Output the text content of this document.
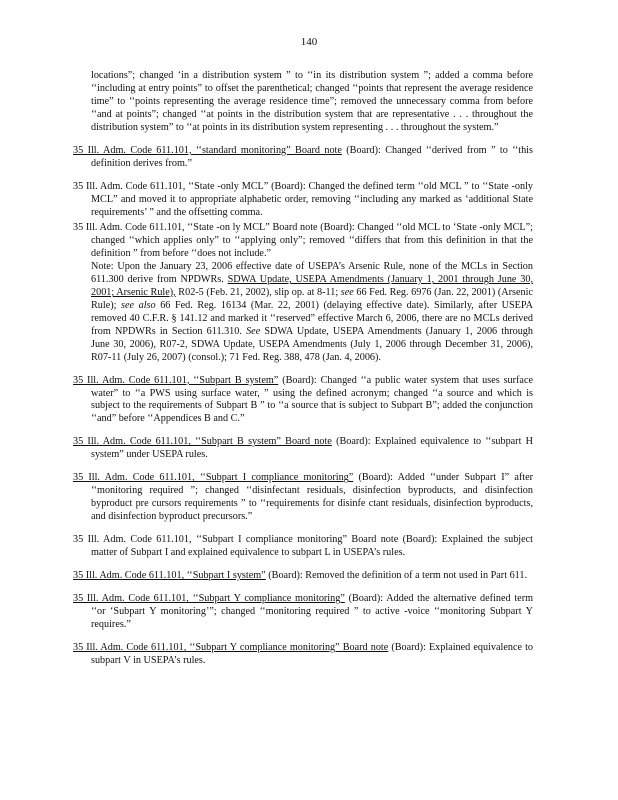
140

locations”; changed ‘in a distribution system ” to ‘‘in its distribution system ”; added a comma before ‘‘including at entry points” to offset the parenthetical; changed ‘‘points that represent the average residence time” to ‘‘points representing the average residence time”; removed the unnecessary comma from before ‘‘and at points”; changed ‘‘at points in the distribution system that are representative . . . throughout the distribution system” to ‘‘at points in its distribution system representing . . . throughout the system.”

35 Ill. Adm. Code 611.101, ‘‘standard monitoring” Board note (Board): Changed ‘‘derived from ” to ‘‘this definition derives from.”

35 Ill. Adm. Code 611.101, ‘‘State -only MCL” (Board): Changed the defined term ‘‘old MCL ” to ‘‘State -only MCL” and moved it to appropriate alphabetic order, removing ‘‘including any marked as ‘additional State requirements’ ” and the offsetting comma.

35 Ill. Adm. Code 611.101, ‘‘State -on ly MCL” Board note (Board): Changed ‘‘old MCL to ‘State -only MCL”; changed ‘‘which applies only” to ‘‘applying only”; removed ‘‘differs that from this definition in that the definition ” from before ‘‘does not include.”
Note: Upon the January 23, 2006 effective date of USEPA’s Arsenic Rule, none of the MCLs in Section 611.300 derive from NPDWRs. SDWA Update, USEPA Amendments (January 1, 2001 through June 30, 2001; Arsenic Rule), R02-5 (Feb. 21, 2002), slip op. at 8-11; see 66 Fed. Reg. 6976 (Jan. 22, 2001) (Arsenic Rule); see also 66 Fed. Reg. 16134 (Mar. 22, 2001) (delaying effective date). Similarly, after USEPA removed 40 C.F.R. § 141.12 and marked it ‘‘reserved” effective March 6, 2006, there are no MCLs derived from NPDWRs in Section 611.310. See SDWA Update, USEPA Amendments (January 1, 2006 through June 30, 2006), R07-2, SDWA Update, USEPA Amendments (July 1, 2006 through December 31, 2006), R07-11 (July 26, 2007) (consol.); 71 Fed. Reg. 388, 478 (Jan. 4, 2006).

35 Ill. Adm. Code 611.101, ‘‘Subpart B system” (Board): Changed ‘‘a public water system that uses surface water” to ‘‘a PWS using surface water, ” using the defined acronym; changed ‘‘a source and which is subject to the requirements of Subpart B ” to ‘‘a source that is subject to Subpart B”; added the conjunction ‘‘and” before ‘‘Appendices B and C.”

35 Ill. Adm. Code 611.101, ‘‘Subpart B system” Board note (Board): Explained equivalence to ‘‘subpart H system” under USEPA rules.

35 Ill. Adm. Code 611.101, ‘‘Subpart I compliance monitoring” (Board): Added ‘‘under Subpart I” after ‘‘monitoring required ”; changed ‘‘disinfectant residuals, disinfection byproducts, and disinfection byproduct pre cursors requirements ” to ‘‘requirements for disinfe ctant residuals, disinfection byproducts, and disinfection byproduct precursors.”

35 Ill. Adm. Code 611.101, ‘‘Subpart I compliance monitoring” Board note (Board): Explained the subject matter of Subpart I and explained equivalence to subpart L in USEPA’s rules.

35 Ill. Adm. Code 611.101, ‘‘Subpart I system” (Board): Removed the definition of a term not used in Part 611.

35 Ill. Adm. Code 611.101, ‘‘Subpart Y compliance monitoring” (Board): Added the alternative defined term ‘‘or ‘Subpart Y monitoring’”; changed ‘‘monitoring required ” to active -voice ‘‘monitoring Subpart Y requires.”

35 Ill. Adm. Code 611.101, ‘‘Subpart Y compliance monitoring” Board note (Board): Explained equivalence to subpart V in USEPA’s rules.
